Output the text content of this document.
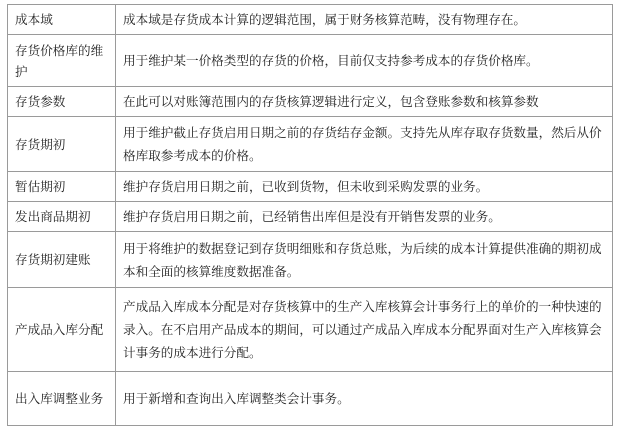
成本域	成本域是存货成本计算的逻辑范围，属于财务核算范畴，没有物理存在。
存货价格库的维护	用于维护某一价格类型的存货的价格，目前仅支持参考成本的存货价格库。
存货参数	在此可以对账簿范围内的存货核算逻辑进行定义，包含登账参数和核算参数
存货期初	用于维护截止存货启用日期之前的存货结存金额。支持先从库存取存货数量，然后从价格库取参考成本的价格。
暂估期初	维护存货启用日期之前，已收到货物，但未收到采购发票的业务。
发出商品期初	维护存货启用日期之前，已经销售出库但是没有开销售发票的业务。
存货期初建账	用于将维护的数据登记到存货明细账和存货总账，为后续的成本计算提供准确的期初成本和全面的核算维度数据准备。
产成品入库分配	产成品入库成本分配是对存货核算中的生产入库核算会计事务行上的单价的一种快速的录入。在不启用产品成本的期间，可以通过产成品入库成本分配界面对生产入库核算会计事务的成本进行分配。
出入库调整业务	用于新增和查询出入库调整类会计事务。
